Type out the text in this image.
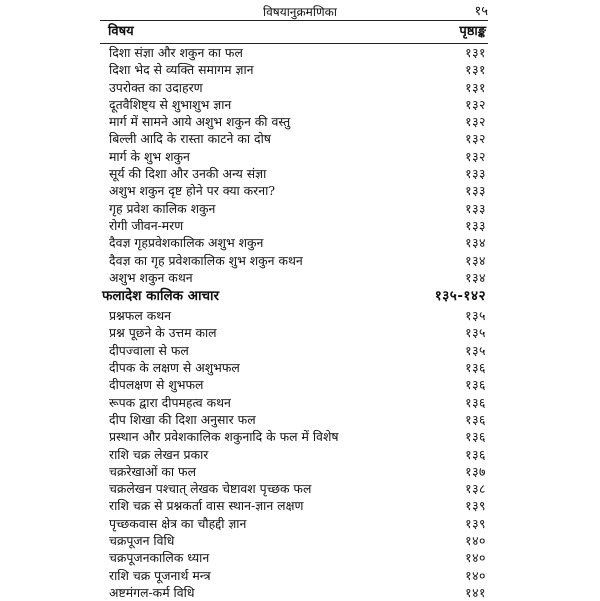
विषयानुक्रमणिका	१५
विषय	पृष्ठाङ्क
दिशा संज्ञा और शकुन का फल	१३१
दिशा भेद से व्यक्ति समागम ज्ञान	१३१
उपरोक्त का उदाहरण	१३१
दूतवैशिष्ट्य से शुभाशुभ ज्ञान	१३२
मार्ग में सामने आये अशुभ शकुन की वस्तु	१३२
बिल्ली आदि के रास्ता काटने का दोष	१३२
मार्ग के शुभ शकुन	१३२
सूर्य की दिशा और उनकी अन्य संज्ञा	१३३
अशुभ शकुन दृष्ट होने पर क्या करना?	१३३
गृह प्रवेश कालिक शकुन	१३३
रोगी जीवन-मरण	१३३
दैवज्ञ गृहप्रवेशकालिक अशुभ शकुन	१३४
दैवज्ञ का गृह प्रवेशकालिक शुभ शकुन कथन	१३४
अशुभ शकुन कथन	१३४
फलादेश कालिक आचार	१३५-१४२
प्रश्नफल कथन	१३५
प्रश्न पूछने के उत्तम काल	१३५
दीपज्वाला से फल	१३५
दीपक के लक्षण से अशुभफल	१३६
दीपलक्षण से शुभफल	१३६
रूपक द्वारा दीपमहत्व कथन	१३६
दीप शिखा की दिशा अनुसार फल	१३६
प्रस्थान और प्रवेशकालिक शकुनादि के फल में विशेष	१३६
राशि चक्र लेखन प्रकार	१३६
चक्ररेखाओं का फल	१३७
चक्रलेखन पश्चात् लेखक चेष्टावश पृच्छक फल	१३८
राशि चक्र से प्रश्नकर्ता वास स्थान-ज्ञान लक्षण	१३९
पृच्छकवास क्षेत्र का चौहद्दी ज्ञान	१३९
चक्रपूजन विधि	१४०
चक्रपूजनकालिक ध्यान	१४०
राशि चक्र पूजनार्थ मन्त्र	१४०
अष्टमंगल-कर्म विधि	१४१
